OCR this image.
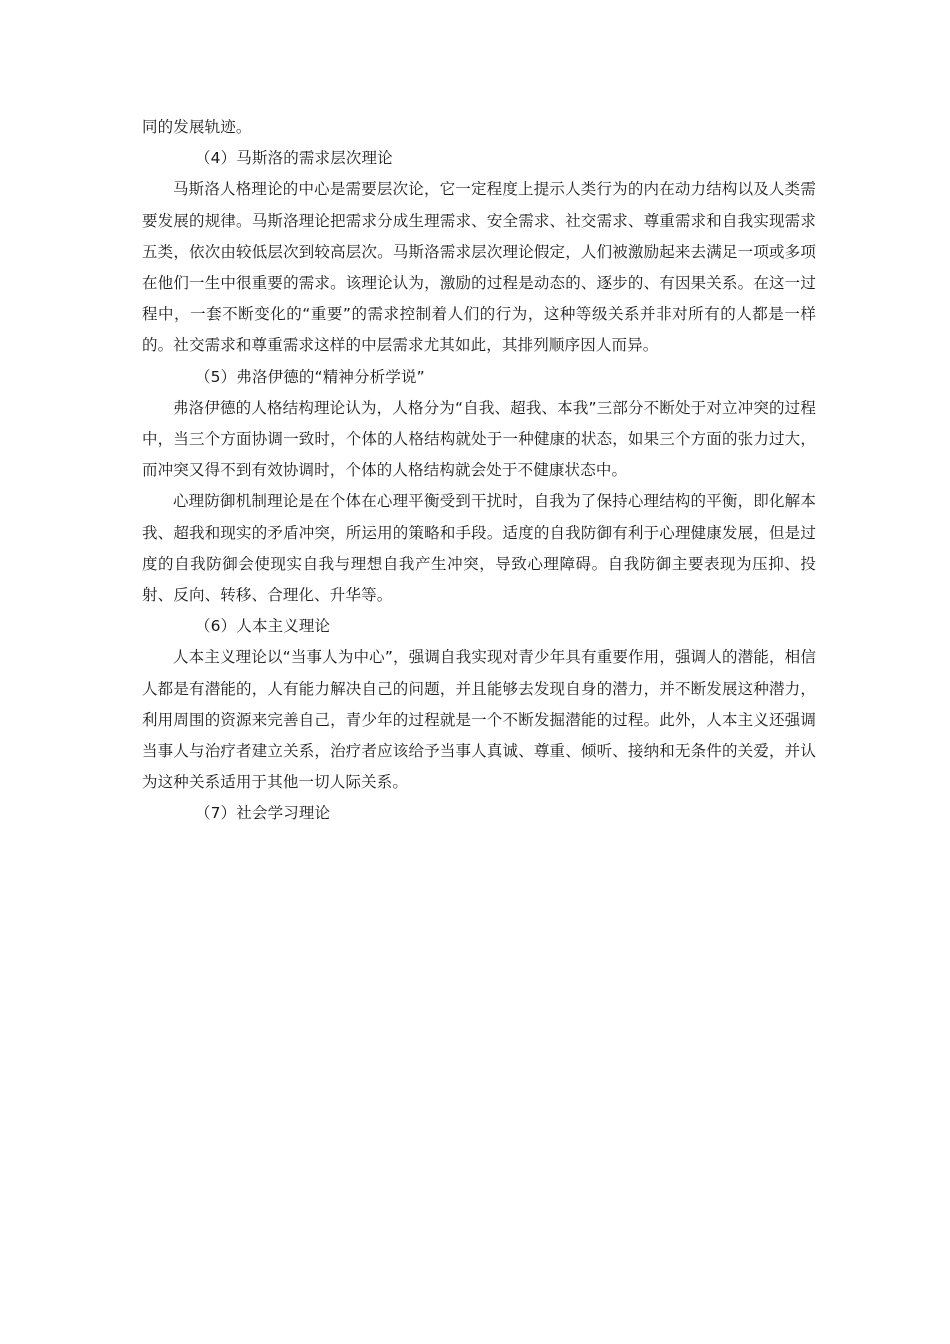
同的发展轨迹。

（4）马斯洛的需求层次理论

马斯洛人格理论的中心是需要层次论，它一定程度上提示人类行为的内在动力结构以及人类需要发展的规律。马斯洛理论把需求分成生理需求、安全需求、社交需求、尊重需求和自我实现需求五类，依次由较低层次到较高层次。马斯洛需求层次理论假定，人们被激励起来去满足一项或多项在他们一生中很重要的需求。该理论认为，激励的过程是动态的、逐步的、有因果关系。在这一过程中，一套不断变化的“重要”的需求控制着人们的行为，这种等级关系并非对所有的人都是一样的。社交需求和尊重需求这样的中层需求尤其如此，其排列顺序因人而异。

（5）弗洛伊德的“精神分析学说”

弗洛伊德的人格结构理论认为，人格分为“自我、超我、本我”三部分不断处于对立冲突的过程中，当三个方面协调一致时，个体的人格结构就处于一种健康的状态，如果三个方面的张力过大，而冲突又得不到有效协调时，个体的人格结构就会处于不健康状态中。

心理防御机制理论是在个体在心理平衡受到干扰时，自我为了保持心理结构的平衡，即化解本我、超我和现实的矛盾冲突，所运用的策略和手段。适度的自我防御有利于心理健康发展，但是过度的自我防御会使现实自我与理想自我产生冲突，导致心理障碍。自我防御主要表现为压抑、投射、反向、转移、合理化、升华等。

（6）人本主义理论

人本主义理论以“当事人为中心”，强调自我实现对青少年具有重要作用，强调人的潜能，相信人都是有潜能的，人有能力解决自己的问题，并且能够去发现自身的潜力，并不断发展这种潜力，利用周围的资源来完善自己，青少年的过程就是一个不断发掘潜能的过程。此外，人本主义还强调当事人与治疗者建立关系，治疗者应该给予当事人真诚、尊重、倾听、接纳和无条件的关爱，并认为这种关系适用于其他一切人际关系。

（7）社会学习理论
